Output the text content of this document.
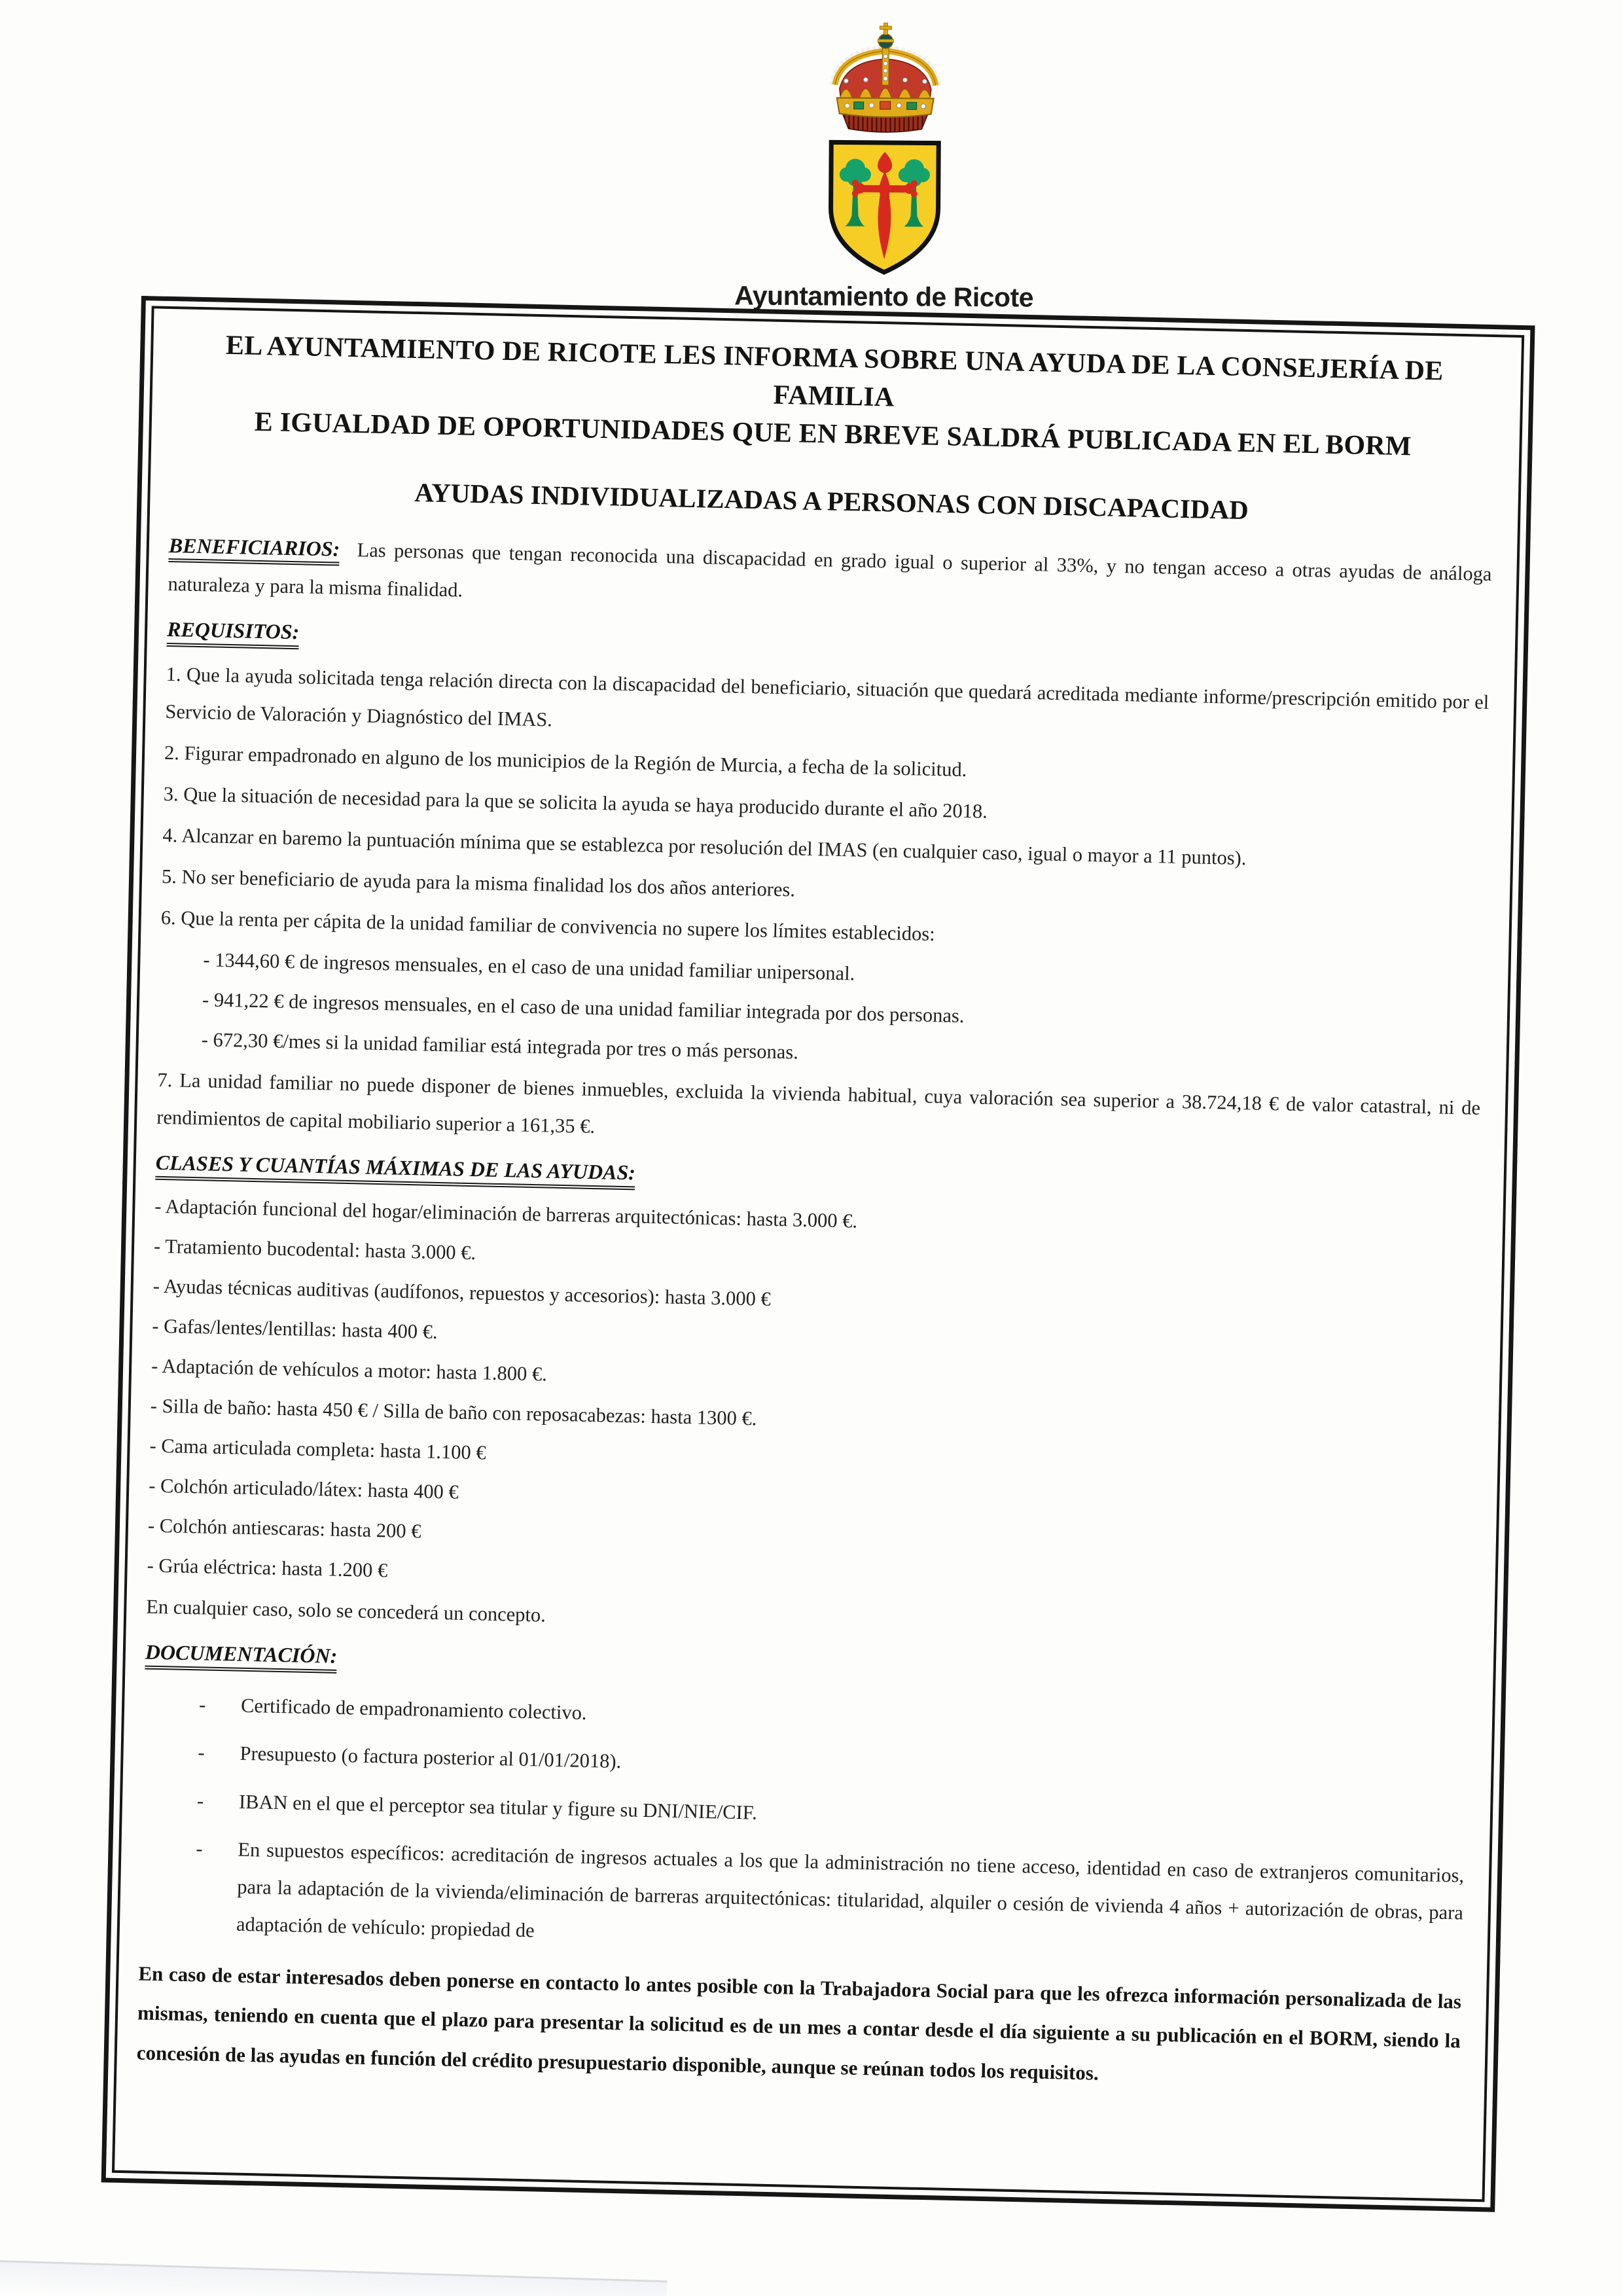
Ayuntamiento de Ricote
EL AYUNTAMIENTO DE RICOTE LES INFORMA SOBRE UNA AYUDA DE LA CONSEJERÍA DE FAMILIA
E IGUALDAD DE OPORTUNIDADES QUE EN BREVE SALDRÁ PUBLICADA EN EL BORM
AYUDAS INDIVIDUALIZADAS A PERSONAS CON DISCAPACIDAD

BENEFICIARIOS: Las personas que tengan reconocida una discapacidad en grado igual o superior al 33%, y no tengan acceso a otras ayudas de análoga naturaleza y para la misma finalidad.

REQUISITOS:

1. Que la ayuda solicitada tenga relación directa con la discapacidad del beneficiario, situación que quedará acreditada mediante informe/prescripción emitido por el Servicio de Valoración y Diagnóstico del IMAS.

2. Figurar empadronado en alguno de los municipios de la Región de Murcia, a fecha de la solicitud.

3. Que la situación de necesidad para la que se solicita la ayuda se haya producido durante el año 2018.

4. Alcanzar en baremo la puntuación mínima que se establezca por resolución del IMAS (en cualquier caso, igual o mayor a 11 puntos).

5. No ser beneficiario de ayuda para la misma finalidad los dos años anteriores.

6. Que la renta per cápita de la unidad familiar de convivencia no supere los límites establecidos:

- 1344,60 € de ingresos mensuales, en el caso de una unidad familiar unipersonal.

- 941,22 € de ingresos mensuales, en el caso de una unidad familiar integrada por dos personas.

- 672,30 €/mes si la unidad familiar está integrada por tres o más personas.

7. La unidad familiar no puede disponer de bienes inmuebles, excluida la vivienda habitual, cuya valoración sea superior a 38.724,18 € de valor catastral, ni de rendimientos de capital mobiliario superior a 161,35 €.

CLASES Y CUANTÍAS MÁXIMAS DE LAS AYUDAS:

- Adaptación funcional del hogar/eliminación de barreras arquitectónicas: hasta 3.000 €.

- Tratamiento bucodental: hasta 3.000 €.

- Ayudas técnicas auditivas (audífonos, repuestos y accesorios): hasta 3.000 €

- Gafas/lentes/lentillas: hasta 400 €.

- Adaptación de vehículos a motor: hasta 1.800 €.

- Silla de baño: hasta 450 € / Silla de baño con reposacabezas: hasta 1300 €.

- Cama articulada completa: hasta 1.100 €

- Colchón articulado/látex: hasta 400 €

- Colchón antiescaras: hasta 200 €

- Grúa eléctrica: hasta 1.200 €

En cualquier caso, solo se concederá un concepto.

DOCUMENTACIÓN:
- Certificado de empadronamiento colectivo.
- Presupuesto (o factura posterior al 01/01/2018).
- IBAN en el que el perceptor sea titular y figure su DNI/NIE/CIF.
- En supuestos específicos: acreditación de ingresos actuales a los que la administración no tiene acceso, identidad en caso de extranjeros comunitarios, para la adaptación de la vivienda/eliminación de barreras arquitectónicas: titularidad, alquiler o cesión de vivienda 4 años + autorización de obras, para adaptación de vehículo: propiedad de

En caso de estar interesados deben ponerse en contacto lo antes posible con la Trabajadora Social para que les ofrezca información personalizada de las mismas, teniendo en cuenta que el plazo para presentar la solicitud es de un mes a contar desde el día siguiente a su publicación en el BORM, siendo la concesión de las ayudas en función del crédito presupuestario disponible, aunque se reúnan todos los requisitos.
